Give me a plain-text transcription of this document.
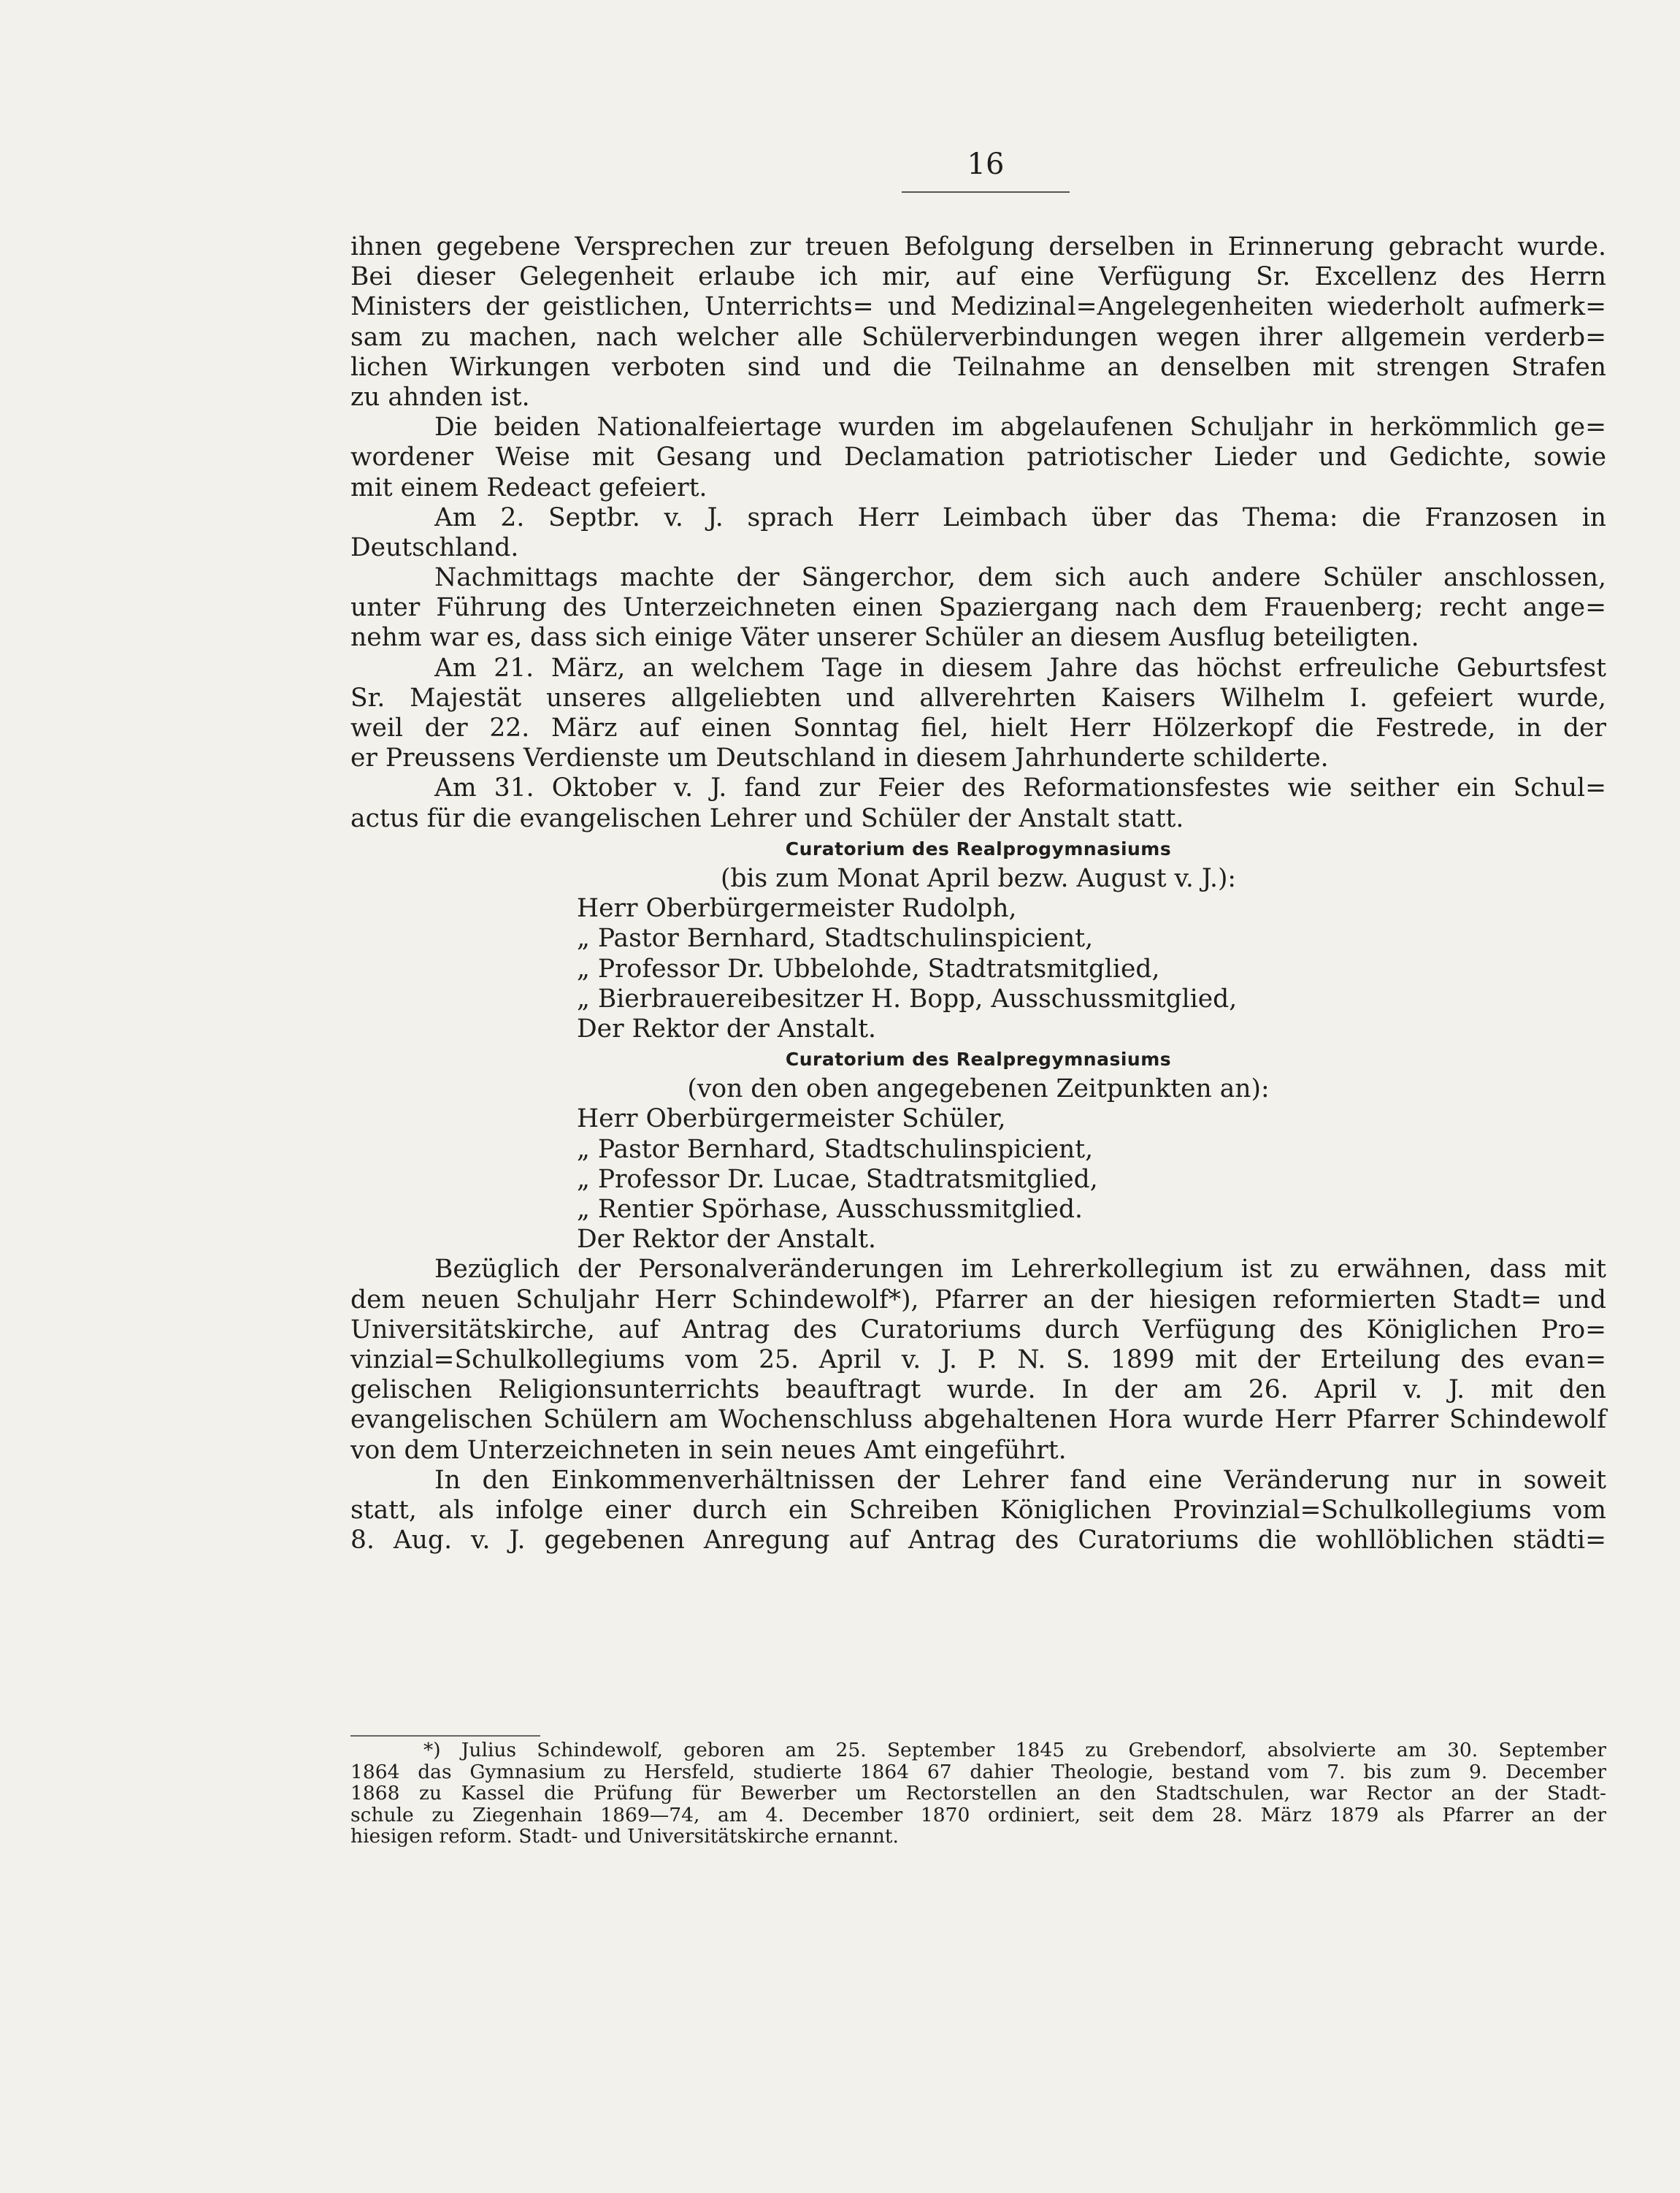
16
ihnen gegebene Versprechen zur treuen Befolgung derselben in Erinnerung gebracht wurde.
Bei dieser Gelegenheit erlaube ich mir, auf eine Verfügung Sr. Excellenz des Herrn
Ministers der geistlichen, Unterrichts= und Medizinal=Angelegenheiten wiederholt aufmerk=
sam zu machen, nach welcher alle Schülerverbindungen wegen ihrer allgemein verderb=
lichen Wirkungen verboten sind und die Teilnahme an denselben mit strengen Strafen
zu ahnden ist.
Die beiden Nationalfeiertage wurden im abgelaufenen Schuljahr in herkömmlich ge=
wordener Weise mit Gesang und Declamation patriotischer Lieder und Gedichte, sowie
mit einem Redeact gefeiert.
Am 2. Septbr. v. J. sprach Herr Leimbach über das Thema: die Franzosen in
Deutschland.
Nachmittags machte der Sängerchor, dem sich auch andere Schüler anschlossen,
unter Führung des Unterzeichneten einen Spaziergang nach dem Frauenberg; recht ange=
nehm war es, dass sich einige Väter unserer Schüler an diesem Ausflug beteiligten.
Am 21. März, an welchem Tage in diesem Jahre das höchst erfreuliche Geburtsfest
Sr. Majestät unseres allgeliebten und allverehrten Kaisers Wilhelm I. gefeiert wurde,
weil der 22. März auf einen Sonntag fiel, hielt Herr Hölzerkopf die Festrede, in der
er Preussens Verdienste um Deutschland in diesem Jahrhunderte schilderte.
Am 31. Oktober v. J. fand zur Feier des Reformationsfestes wie seither ein Schul=
actus für die evangelischen Lehrer und Schüler der Anstalt statt.
Curatorium des Realprogymnasiums
(bis zum Monat April bezw. August v. J.):
Herr Oberbürgermeister Rudolph,
„ Pastor Bernhard, Stadtschulinspicient,
„ Professor Dr. Ubbelohde, Stadtratsmitglied,
„ Bierbrauereibesitzer H. Bopp, Ausschussmitglied,
Der Rektor der Anstalt.
Curatorium des Realpregymnasiums
(von den oben angegebenen Zeitpunkten an):
Herr Oberbürgermeister Schüler,
„ Pastor Bernhard, Stadtschulinspicient,
„ Professor Dr. Lucae, Stadtratsmitglied,
„ Rentier Spörhase, Ausschussmitglied.
Der Rektor der Anstalt.
Bezüglich der Personalveränderungen im Lehrerkollegium ist zu erwähnen, dass mit
dem neuen Schuljahr Herr Schindewolf*), Pfarrer an der hiesigen reformierten Stadt= und
Universitätskirche, auf Antrag des Curatoriums durch Verfügung des Königlichen Pro=
vinzial=Schulkollegiums vom 25. April v. J. P. N. S. 1899 mit der Erteilung des evan=
gelischen Religionsunterrichts beauftragt wurde. In der am 26. April v. J. mit den
evangelischen Schülern am Wochenschluss abgehaltenen Hora wurde Herr Pfarrer Schindewolf
von dem Unterzeichneten in sein neues Amt eingeführt.
In den Einkommenverhältnissen der Lehrer fand eine Veränderung nur in soweit
statt, als infolge einer durch ein Schreiben Königlichen Provinzial=Schulkollegiums vom
8. Aug. v. J. gegebenen Anregung auf Antrag des Curatoriums die wohllöblichen städti=
*) Julius Schindewolf, geboren am 25. September 1845 zu Grebendorf, absolvierte am 30. September
1864 das Gymnasium zu Hersfeld, studierte 1864 67 dahier Theologie, bestand vom 7. bis zum 9. December
1868 zu Kassel die Prüfung für Bewerber um Rectorstellen an den Stadtschulen, war Rector an der Stadt-
schule zu Ziegenhain 1869—74, am 4. December 1870 ordiniert, seit dem 28. März 1879 als Pfarrer an der
hiesigen reform. Stadt- und Universitätskirche ernannt.
